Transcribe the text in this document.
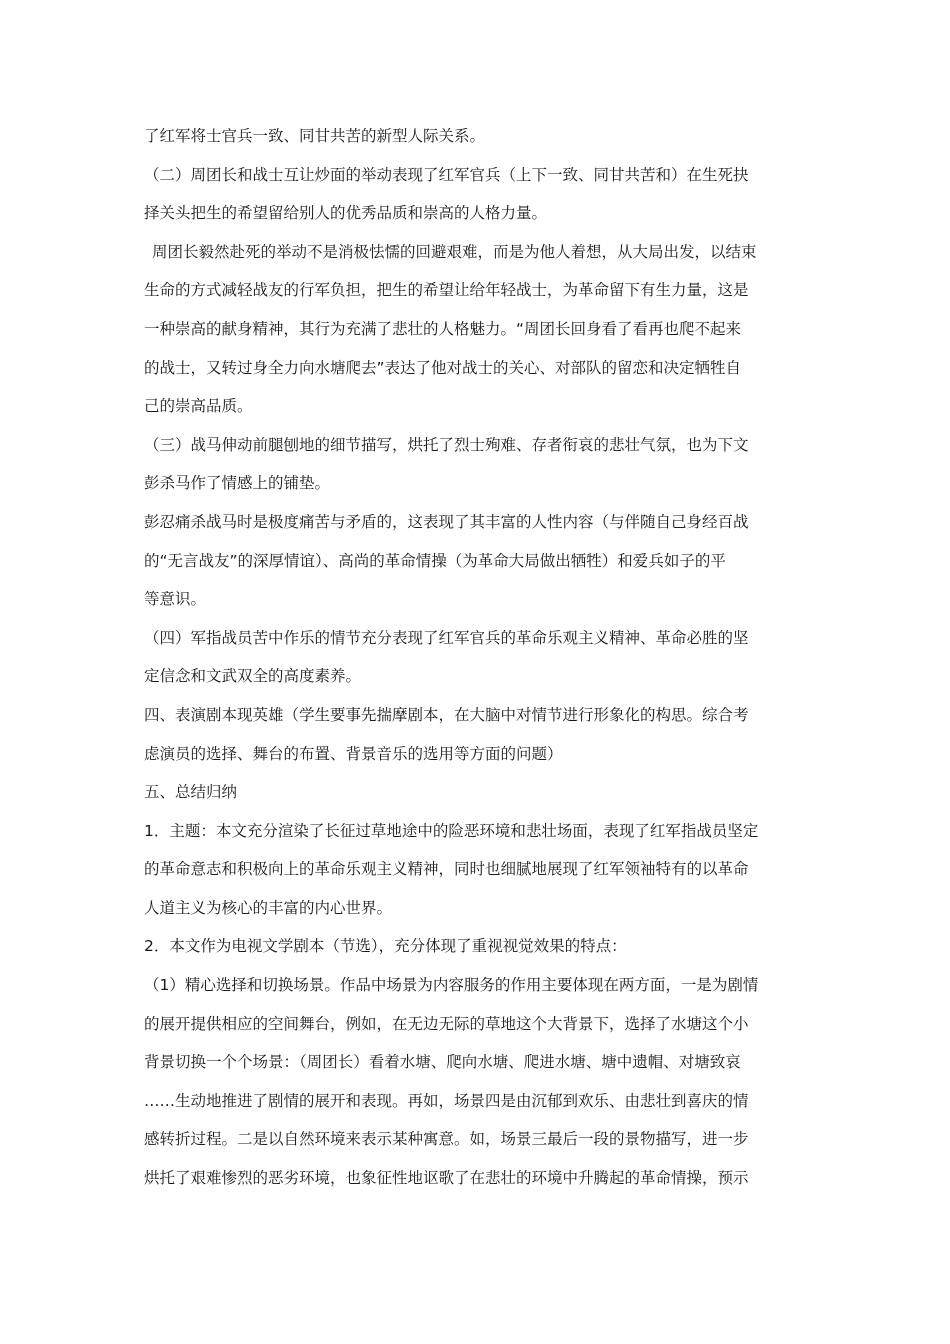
了红军将士官兵一致、同甘共苦的新型人际关系。
（二）周团长和战士互让炒面的举动表现了红军官兵（上下一致、同甘共苦和）在生死抉
择关头把生的希望留给别人的优秀品质和崇高的人格力量。
周团长毅然赴死的举动不是消极怯懦的回避艰难，而是为他人着想，从大局出发，以结束
生命的方式减轻战友的行军负担，把生的希望让给年轻战士，为革命留下有生力量，这是
一种崇高的献身精神，其行为充满了悲壮的人格魅力。“周团长回身看了看再也爬不起来
的战士，又转过身全力向水塘爬去”表达了他对战士的关心、对部队的留恋和决定牺牲自
己的崇高品质。
（三）战马伸动前腿刨地的细节描写，烘托了烈士殉难、存者衔哀的悲壮气氛，也为下文
彭杀马作了情感上的铺垫。
彭忍痛杀战马时是极度痛苦与矛盾的，这表现了其丰富的人性内容（与伴随自己身经百战
的“无言战友”的深厚情谊）、高尚的革命情操（为革命大局做出牺牲）和爱兵如子的平
等意识。
（四）军指战员苦中作乐的情节充分表现了红军官兵的革命乐观主义精神、革命必胜的坚
定信念和文武双全的高度素养。
四、表演剧本现英雄（学生要事先揣摩剧本，在大脑中对情节进行形象化的构思。综合考
虑演员的选择、舞台的布置、背景音乐的选用等方面的问题）
五、总结归纳
1．主题：本文充分渲染了长征过草地途中的险恶环境和悲壮场面，表现了红军指战员坚定
的革命意志和积极向上的革命乐观主义精神，同时也细腻地展现了红军领袖特有的以革命
人道主义为核心的丰富的内心世界。
2．本文作为电视文学剧本（节选），充分体现了重视视觉效果的特点：
（1）精心选择和切换场景。作品中场景为内容服务的作用主要体现在两方面，一是为剧情
的展开提供相应的空间舞台，例如，在无边无际的草地这个大背景下，选择了水塘这个小
背景切换一个个场景：（周团长）看着水塘、爬向水塘、爬进水塘、塘中遗帽、对塘致哀
……生动地推进了剧情的展开和表现。再如，场景四是由沉郁到欢乐、由悲壮到喜庆的情
感转折过程。二是以自然环境来表示某种寓意。如，场景三最后一段的景物描写，进一步
烘托了艰难惨烈的恶劣环境，也象征性地讴歌了在悲壮的环境中升腾起的革命情操，预示
